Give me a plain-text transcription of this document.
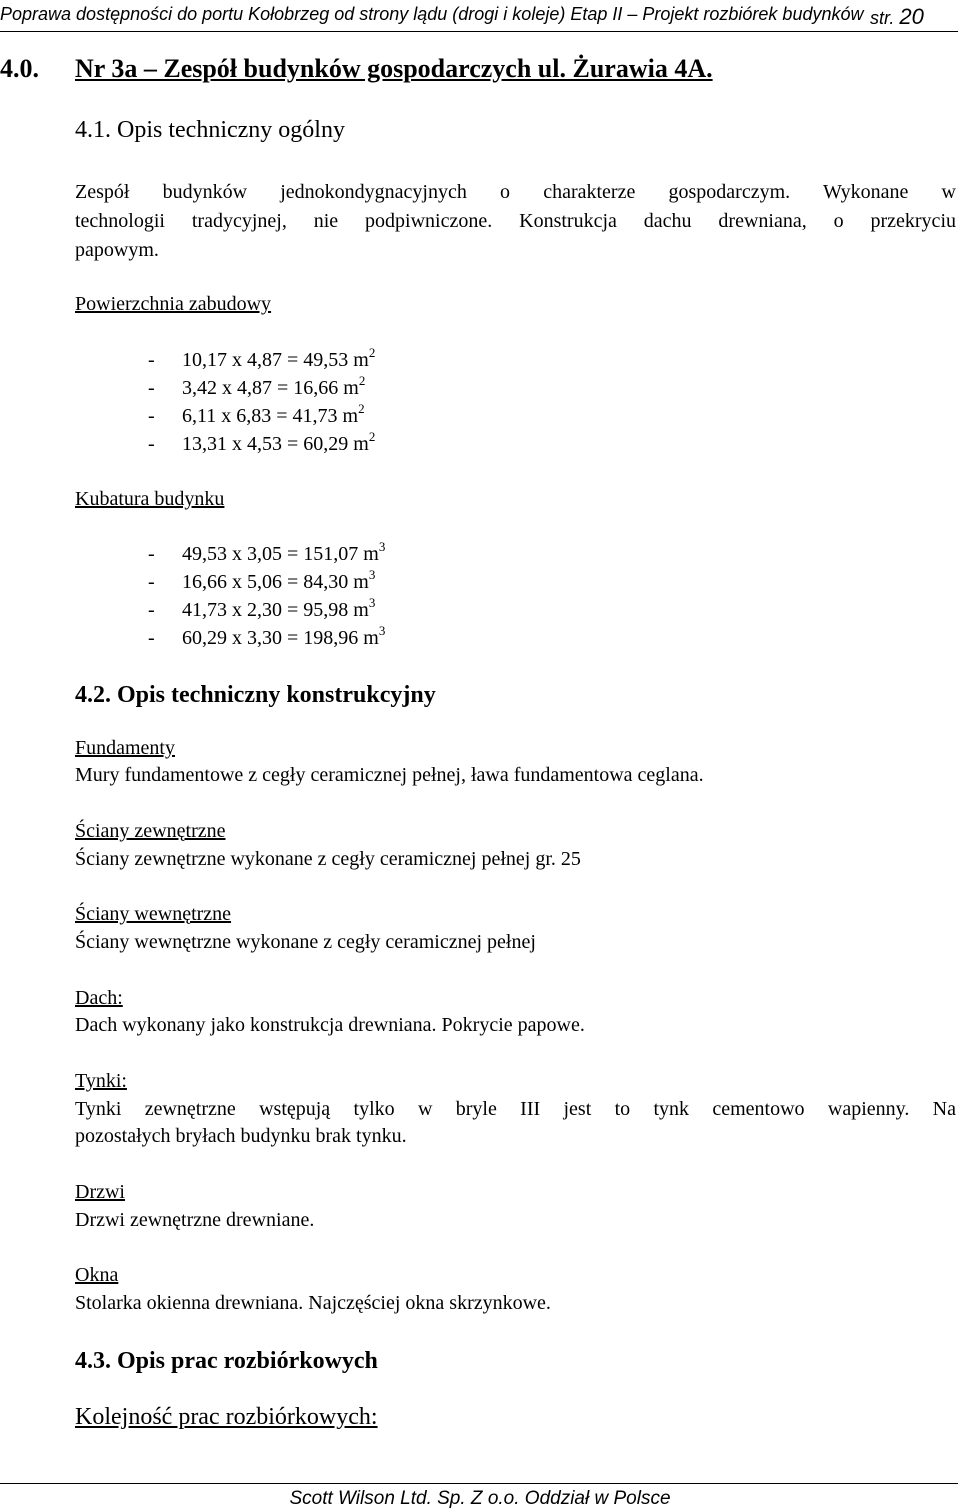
Poprawa dostępności do portu Kołobrzeg od strony lądu (drogi i koleje) Etap II – Projekt rozbiórek budynków str. 20
4.0. Nr 3a – Zespół budynków gospodarczych ul. Żurawia 4A.
4.1. Opis techniczny ogólny
Zespół budynków jednokondygnacyjnych o charakterze gospodarczym. Wykonane w
technologii tradycyjnej, nie podpiwniczone. Konstrukcja dachu drewniana, o przekryciu
papowym.
Powierzchnia zabudowy
- 10,17 x 4,87 = 49,53 $m^2$
- 3,42 x 4,87 = 16,66 $m^2$
- 6,11 x 6,83 = 41,73 $m^2$
- 13,31 x 4,53 = 60,29 $m^2$
Kubatura budynku
- 49,53 x 3,05 = 151,07 $m^3$
- 16,66 x 5,06 = 84,30 $m^3$
- 41,73 x 2,30 = 95,98 $m^3$
- 60,29 x 3,30 = 198,96 $m^3$
4.2. Opis techniczny konstrukcyjny
Fundamenty
Mury fundamentowe z cegły ceramicznej pełnej, ława fundamentowa ceglana.
Ściany zewnętrzne
Ściany zewnętrzne wykonane z cegły ceramicznej pełnej gr. 25
Ściany wewnętrzne
Ściany wewnętrzne wykonane z cegły ceramicznej pełnej
Dach:
Dach wykonany jako konstrukcja drewniana. Pokrycie papowe.
Tynki:
Tynki zewnętrzne wstępują tylko w bryle III jest to tynk cementowo wapienny. Na
pozostałych bryłach budynku brak tynku.
Drzwi
Drzwi zewnętrzne drewniane.
Okna
Stolarka okienna drewniana. Najczęściej okna skrzynkowe.
4.3. Opis prac rozbiórkowych
Kolejność prac rozbiórkowych:
Scott Wilson Ltd. Sp. Z o.o. Oddział w Polsce
